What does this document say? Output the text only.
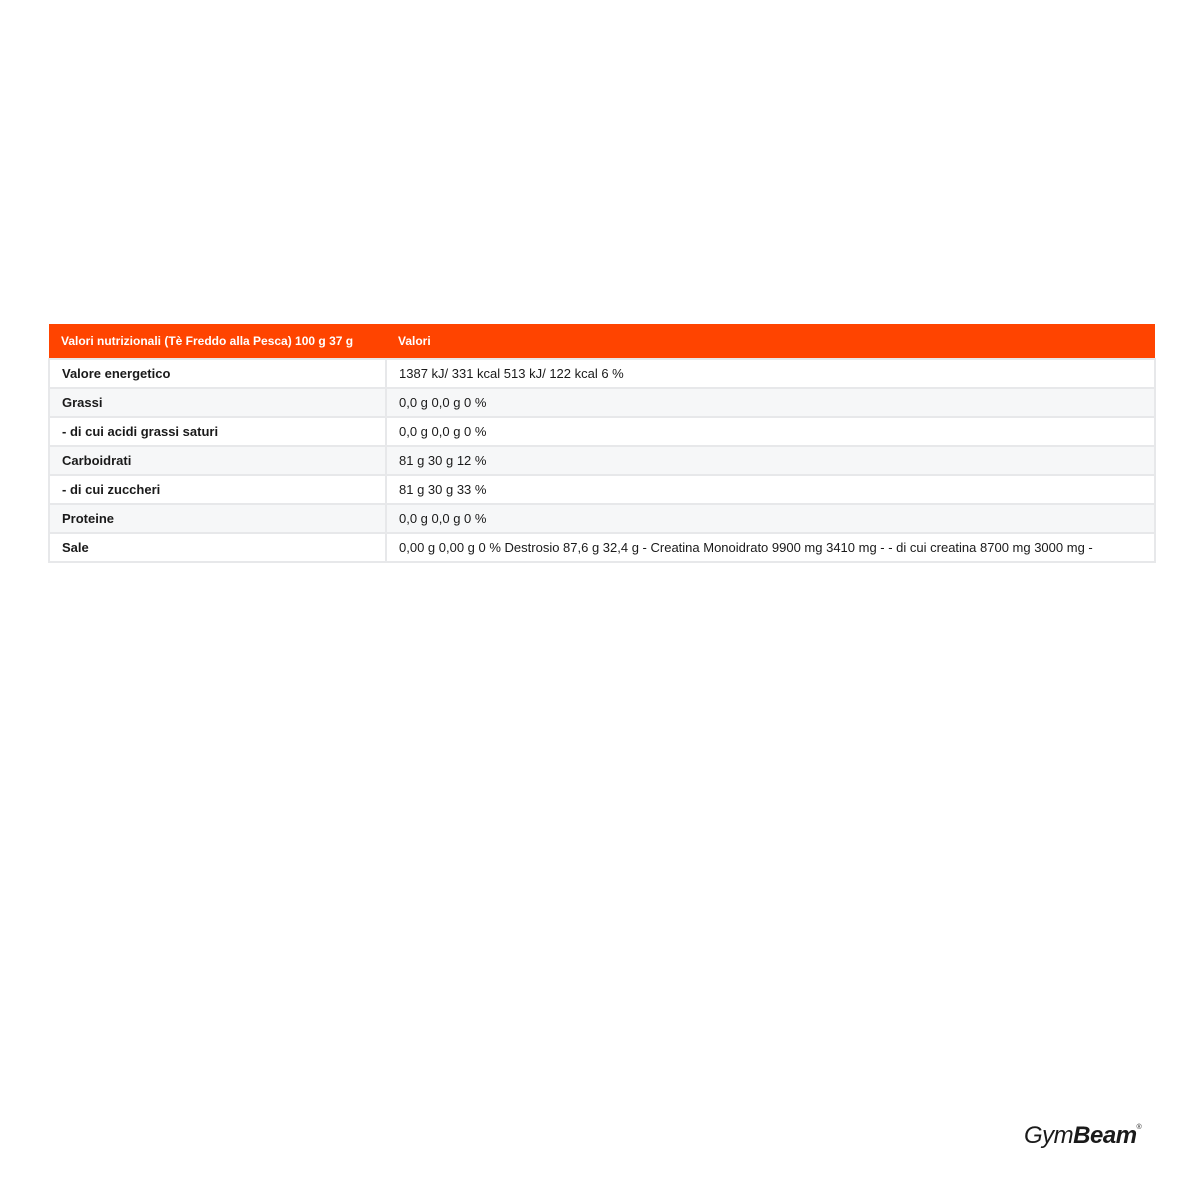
Valori nutrizionali (Tè Freddo alla Pesca) 100 g 37 g	Valori
Valore energetico	1387 kJ/ 331 kcal 513 kJ/ 122 kcal 6 %
Grassi	0,0 g 0,0 g 0 %
- di cui acidi grassi saturi	0,0 g 0,0 g 0 %
Carboidrati	81 g 30 g 12 %
- di cui zuccheri	81 g 30 g 33 %
Proteine	0,0 g 0,0 g 0 %
Sale	0,00 g 0,00 g 0 % Destrosio 87,6 g 32,4 g - Creatina Monoidrato 9900 mg 3410 mg - - di cui creatina 8700 mg 3000 mg -
GymBeam®
